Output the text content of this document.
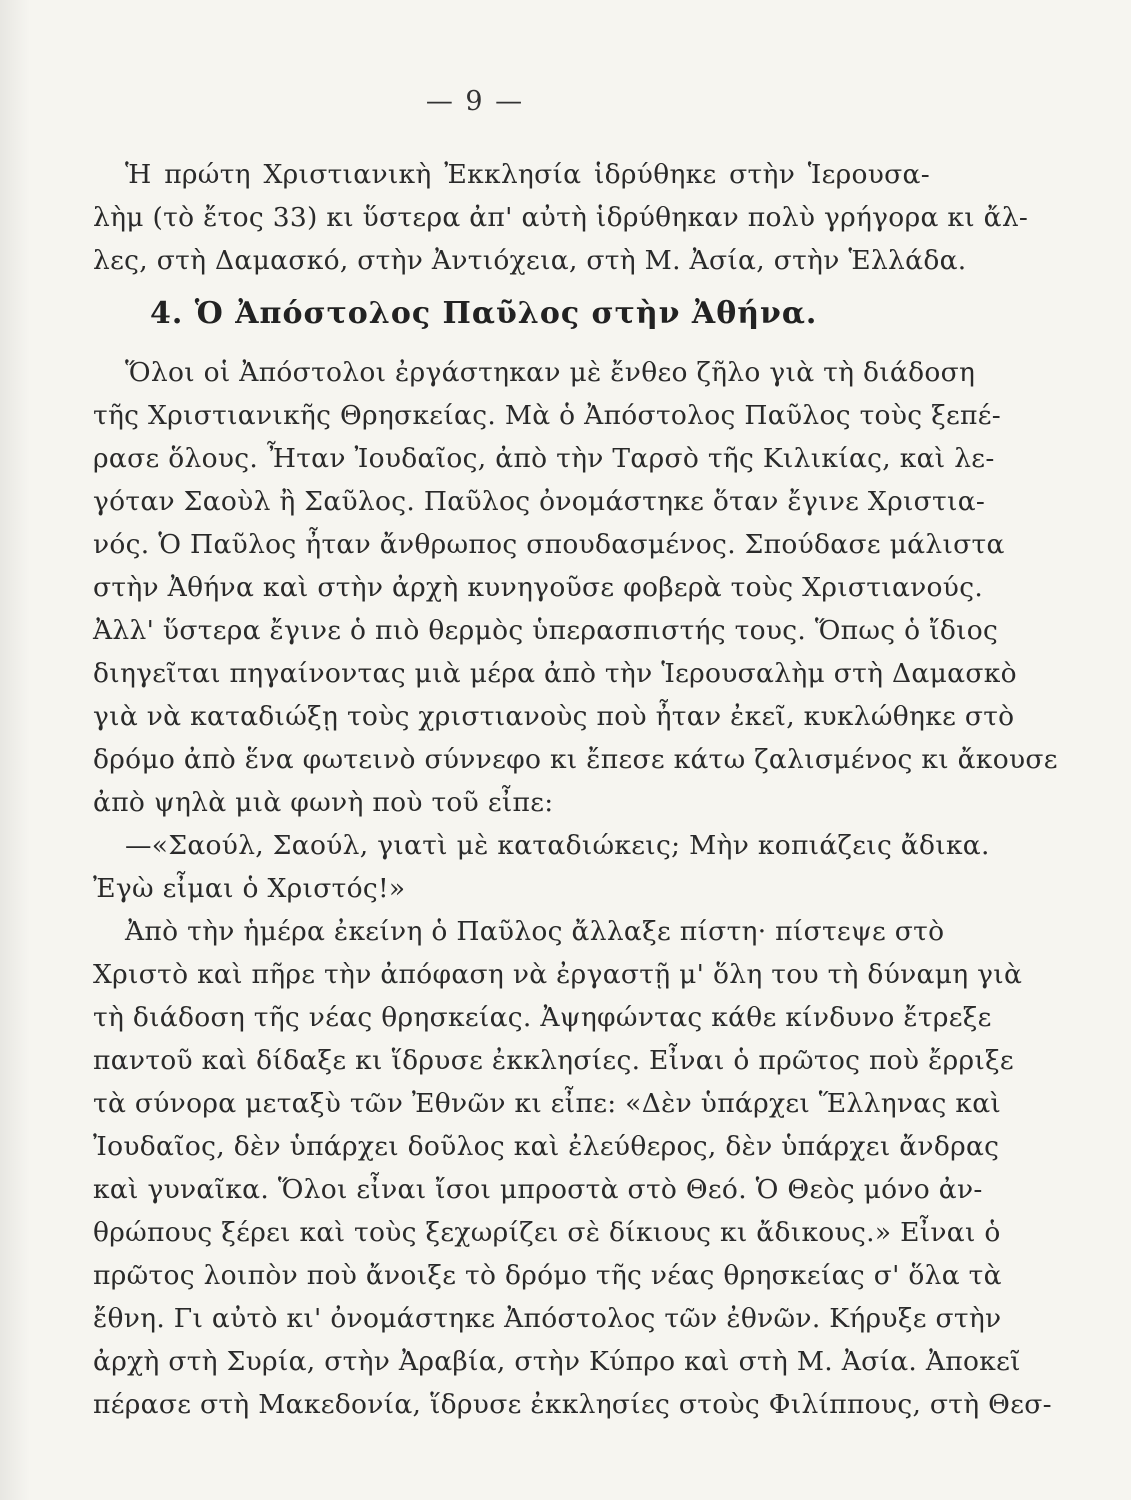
— 9 —
Ἡ πρώτη Χριστιανικὴ Ἐκκλησία ἱδρύθηκε στὴν Ἱερουσα-
λὴμ (τὸ ἔτος 33) κι ὕστερα ἀπ' αὐτὴ ἱδρύθηκαν πολὺ γρήγορα κι ἄλ-
λες, στὴ Δαμασκό, στὴν Ἀντιόχεια, στὴ Μ. Ἀσία, στὴν Ἑλλάδα.
4. Ὁ Ἀπόστολος Παῦλος στὴν Ἀθήνα.
Ὅλοι οἱ Ἀπόστολοι ἐργάστηκαν μὲ ἔνθεο ζῆλο γιὰ τὴ διάδοση
τῆς Χριστιανικῆς Θρησκείας. Μὰ ὁ Ἀπόστολος Παῦλος τοὺς ξεπέ-
ρασε ὅλους. Ἦταν Ἰουδαῖος, ἀπὸ τὴν Ταρσὸ τῆς Κιλικίας, καὶ λε-
γόταν Σαοὺλ ἢ Σαῦλος. Παῦλος ὀνομάστηκε ὅταν ἔγινε Χριστια-
νός. Ὁ Παῦλος ἦταν ἄνθρωπος σπουδασμένος. Σπούδασε μάλιστα
στὴν Ἀθήνα καὶ στὴν ἀρχὴ κυνηγοῦσε φοβερὰ τοὺς Χριστιανούς.
Ἀλλ' ὕστερα ἔγινε ὁ πιὸ θερμὸς ὑπερασπιστής τους. Ὅπως ὁ ἴδιος
διηγεῖται πηγαίνοντας μιὰ μέρα ἀπὸ τὴν Ἱερουσαλὴμ στὴ Δαμασκὸ
γιὰ νὰ καταδιώξῃ τοὺς χριστιανοὺς ποὺ ἦταν ἐκεῖ, κυκλώθηκε στὸ
δρόμο ἀπὸ ἕνα φωτεινὸ σύννεφο κι ἔπεσε κάτω ζαλισμένος κι ἄκουσε
ἀπὸ ψηλὰ μιὰ φωνὴ ποὺ τοῦ εἶπε:
—«Σαούλ, Σαούλ, γιατὶ μὲ καταδιώκεις; Μὴν κοπιάζεις ἄδικα.
Ἐγὼ εἶμαι ὁ Χριστός!»
Ἀπὸ τὴν ἡμέρα ἐκείνη ὁ Παῦλος ἄλλαξε πίστη· πίστεψε στὸ
Χριστὸ καὶ πῆρε τὴν ἀπόφαση νὰ ἐργαστῇ μ' ὅλη του τὴ δύναμη γιὰ
τὴ διάδοση τῆς νέας θρησκείας. Ἀψηφώντας κάθε κίνδυνο ἔτρεξε
παντοῦ καὶ δίδαξε κι ἵδρυσε ἐκκλησίες. Εἶναι ὁ πρῶτος ποὺ ἔρριξε
τὰ σύνορα μεταξὺ τῶν Ἐθνῶν κι εἶπε: «Δὲν ὑπάρχει Ἕλληνας καὶ
Ἰουδαῖος, δὲν ὑπάρχει δοῦλος καὶ ἐλεύθερος, δὲν ὑπάρχει ἄνδρας
καὶ γυναῖκα. Ὅλοι εἶναι ἴσοι μπροστὰ στὸ Θεό. Ὁ Θεὸς μόνο ἀν-
θρώπους ξέρει καὶ τοὺς ξεχωρίζει σὲ δίκιους κι ἄδικους.» Εἶναι ὁ
πρῶτος λοιπὸν ποὺ ἄνοιξε τὸ δρόμο τῆς νέας θρησκείας σ' ὅλα τὰ
ἔθνη. Γι αὐτὸ κι' ὀνομάστηκε Ἀπόστολος τῶν ἐθνῶν. Κήρυξε στὴν
ἀρχὴ στὴ Συρία, στὴν Ἀραβία, στὴν Κύπρο καὶ στὴ Μ. Ἀσία. Ἀποκεῖ
πέρασε στὴ Μακεδονία, ἵδρυσε ἐκκλησίες στοὺς Φιλίππους, στὴ Θεσ-
